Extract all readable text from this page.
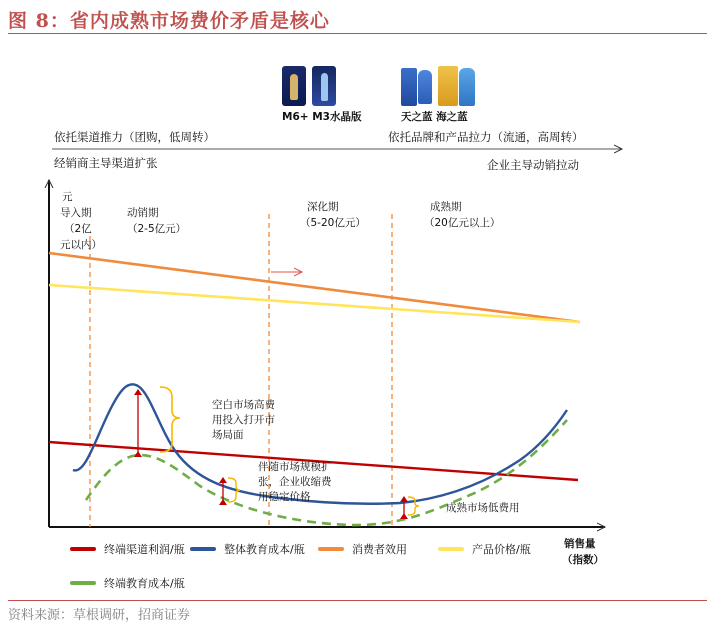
图 8：省内成熟市场费价矛盾是核心
M6+ M3水晶版	天之蓝 海之蓝
依托渠道推力（团购，低周转）	依托品牌和产品拉力（流通，高周转）
经销商主导渠道扩张	企业主导动销拉动
元
导入期
（2亿
元以内）
动销期
（2-5亿元）
深化期
（5-20亿元）
成熟期
（20亿元以上）
空白市场高费
用投入打开市
场局面
伴随市场规模扩
张，企业收缩费
用稳定价格
成熟市场低费用
销售量
（指数）
终端渠道利润/瓶	整体教育成本/瓶	消费者效用	产品价格/瓶
终端教育成本/瓶
资料来源：草根调研，招商证券
